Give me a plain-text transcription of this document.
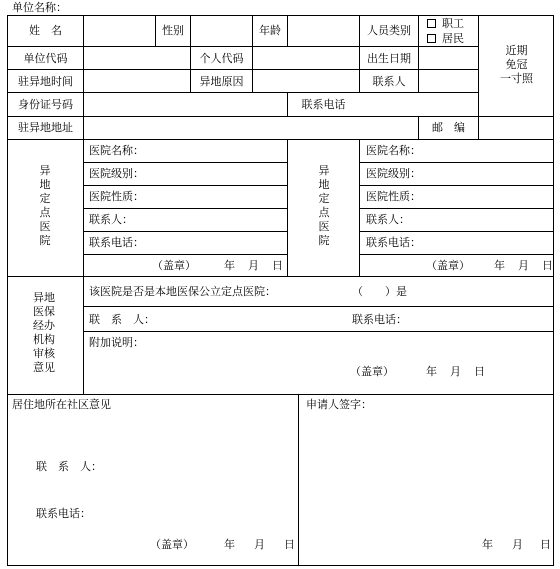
单位名称：
姓　名	性别	年龄	人员类别
职工
居民
近期
免冠
一寸照
单位代码	个人代码	出生日期
驻异地时间	异地原因	联系人
身份证号码	联系电话
驻异地地址	邮　编
异
地
定
点
医
院
医院名称：
医院级别：
医院性质：
联系人：
联系电话：
（盖章）	年 月 日
异
地
定
点
医
院
医院名称：
医院级别：
医院性质：
联系人：
联系电话：
（盖章） 年 月 日
异地
医保
经办
机构
审核
意见
该医院是否是本地医保公立定点医院：	（　　）是
联　系　人：	联系电话：
附加说明：
（盖章）	年 月 日
居住地所在社区意见
联　系　人：
联系电话：
（盖章）	年 月 日
申请人签字：
年 月 日
